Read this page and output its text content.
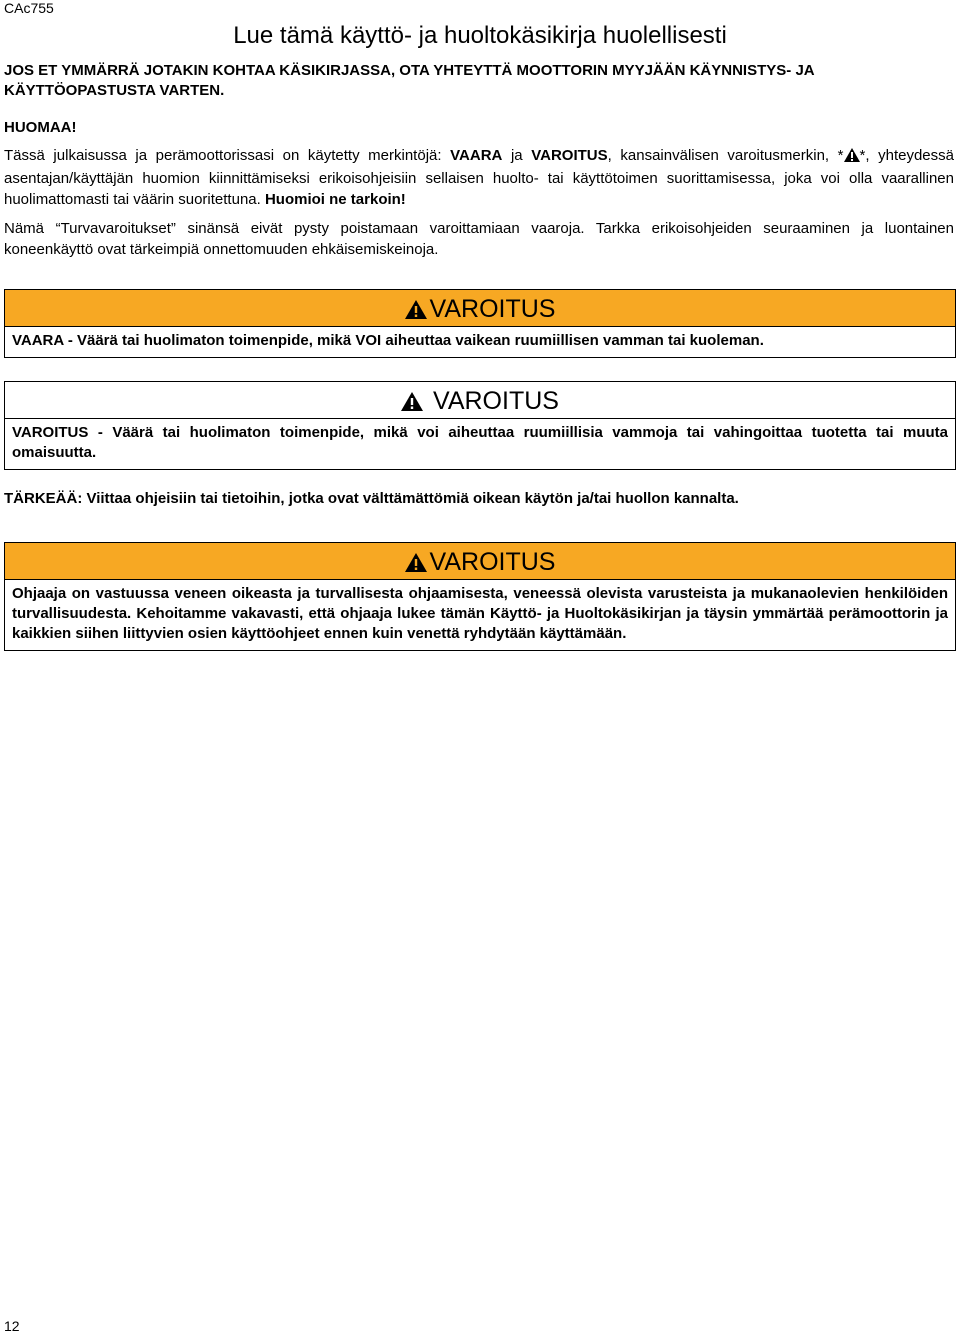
CAc755
Lue tämä käyttö- ja huoltokäsikirja huolellisesti
JOS ET YMMÄRRÄ JOTAKIN KOHTAA KÄSIKIRJASSA, OTA YHTEYTTÄ MOOTTORIN MYYJÄÄN KÄYNNISTYS- JA KÄYTTÖOPASTUSTA VARTEN.
HUOMAA!
Tässä julkaisussa ja perämoottorissasi on käytetty merkintöjä: VAARA ja VAROITUS, kansainvälisen varoitusmerkin, * *, yhteydessä asentajan/käyttäjän huomion kiinnittämiseksi erikoisohjeisiin sellaisen huolto- tai käyttötoimen suorittamisessa, joka voi olla vaarallinen huolimattomasti tai väärin suoritettuna. Huomioi ne tarkoin!
Nämä “Turvavaroitukset” sinänsä eivät pysty poistamaan varoittamiaan vaaroja. Tarkka erikoisohjeiden seuraaminen ja luontainen koneenkäyttö ovat tärkeimpiä onnettomuuden ehkäisemiskeinoja.
VAROITUS
VAARA - Väärä tai huolimaton toimenpide, mikä VOI aiheuttaa vaikean ruumiillisen vamman tai kuoleman.
VAROITUS
VAROITUS - Väärä tai huolimaton toimenpide, mikä voi aiheuttaa ruumiillisia vammoja tai vahingoittaa tuotetta tai muuta omaisuutta.
TÄRKEÄÄ: Viittaa ohjeisiin tai tietoihin, jotka ovat välttämättömiä oikean käytön ja/tai huollon kannalta.
VAROITUS
Ohjaaja on vastuussa veneen oikeasta ja turvallisesta ohjaamisesta, veneessä olevista varusteista ja mukanaolevien henkilöiden turvallisuudesta. Kehoitamme vakavasti, että ohjaaja lukee tämän Käyttö- ja Huoltokäsikirjan ja täysin ymmärtää perämoottorin ja kaikkien siihen liittyvien osien käyttöohjeet ennen kuin venettä ryhdytään käyttämään.
12
